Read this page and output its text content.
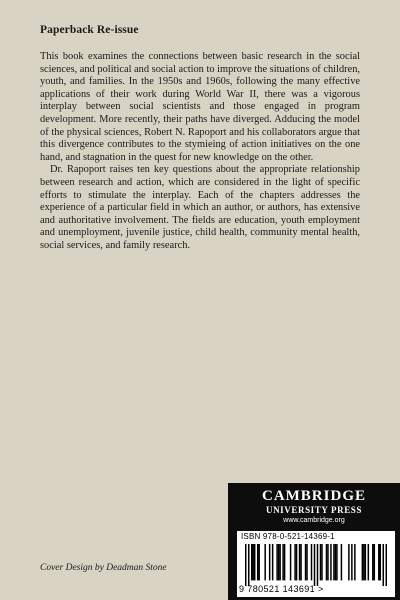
Paperback Re-issue

This book examines the connections between basic research in the social sciences, and political and social action to improve the situations of children, youth, and families. In the 1950s and 1960s, following the many effective applications of their work during World War II, there was a vigorous interplay between social scientists and those engaged in program development. More recently, their paths have diverged. Adducing the model of the physical sciences, Robert N. Rapoport and his collaborators argue that this divergence contributes to the stymieing of action initiatives on the one hand, and stagnation in the quest for new knowledge on the other.

Dr. Rapoport raises ten key questions about the appropriate relationship between research and action, which are considered in the light of specific efforts to stimulate the interplay. Each of the chapters addresses the experience of a particular field in which an author, or authors, has extensive and authoritative involvement. The fields are education, youth employment and unemployment, juvenile justice, child health, community mental health, social services, and family research.

Cover Design by Deadman Stone
CAMBRIDGE
UNIVERSITY PRESS
www.cambridge.org
ISBN 978-0-521-14369-1
9 780521 143691 >
